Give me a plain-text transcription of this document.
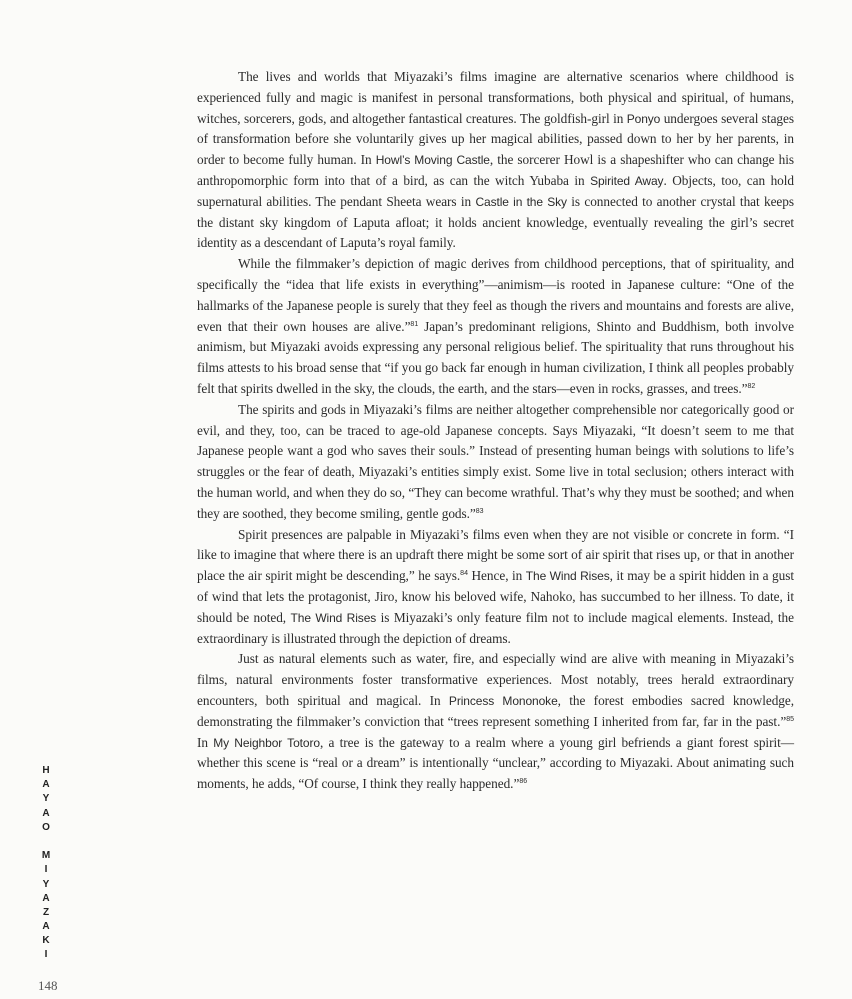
The lives and worlds that Miyazaki’s films imagine are alternative scenarios where childhood is experienced fully and magic is manifest in personal transformations, both physical and spiritual, of humans, witches, sorcerers, gods, and altogether fantastical creatures. The goldfish-girl in Ponyo undergoes several stages of transformation before she voluntarily gives up her magical abilities, passed down to her by her parents, in order to become fully human. In Howl’s Moving Castle, the sorcerer Howl is a shapeshifter who can change his anthropomorphic form into that of a bird, as can the witch Yubaba in Spirited Away. Objects, too, can hold supernatural abilities. The pendant Sheeta wears in Castle in the Sky is connected to another crystal that keeps the distant sky kingdom of Laputa afloat; it holds ancient knowledge, eventually revealing the girl’s secret identity as a descendant of Laputa’s royal family.

While the filmmaker’s depiction of magic derives from childhood perceptions, that of spirituality, and specifically the “idea that life exists in everything”—animism—is rooted in Japanese culture: “One of the hallmarks of the Japanese people is surely that they feel as though the rivers and mountains and forests are alive, even that their own houses are alive.”$^{81}$ Japan’s predominant religions, Shinto and Buddhism, both involve animism, but Miyazaki avoids expressing any personal religious belief. The spirituality that runs throughout his films attests to his broad sense that “if you go back far enough in human civilization, I think all peoples probably felt that spirits dwelled in the sky, the clouds, the earth, and the stars—even in rocks, grasses, and trees.”$^{82}$

The spirits and gods in Miyazaki’s films are neither altogether comprehensible nor categorically good or evil, and they, too, can be traced to age-old Japanese concepts. Says Miyazaki, “It doesn’t seem to me that Japanese people want a god who saves their souls.” Instead of presenting human beings with solutions to life’s struggles or the fear of death, Miyazaki’s entities simply exist. Some live in total seclusion; others interact with the human world, and when they do so, “They can become wrathful. That’s why they must be soothed; and when they are soothed, they become smiling, gentle gods.”$^{83}$

Spirit presences are palpable in Miyazaki’s films even when they are not visible or concrete in form. “I like to imagine that where there is an updraft there might be some sort of air spirit that rises up, or that in another place the air spirit might be descending,” he says.$^{84}$ Hence, in The Wind Rises, it may be a spirit hidden in a gust of wind that lets the protagonist, Jiro, know his beloved wife, Nahoko, has succumbed to her illness. To date, it should be noted, The Wind Rises is Miyazaki’s only feature film not to include magical elements. Instead, the extraordinary is illustrated through the depiction of dreams.

Just as natural elements such as water, fire, and especially wind are alive with meaning in Miyazaki’s films, natural environments foster transformative experiences. Most notably, trees herald extraordinary encounters, both spiritual and magical. In Princess Mononoke, the forest embodies sacred knowledge, demonstrating the filmmaker’s conviction that “trees represent something I inherited from far, far in the past.”$^{85}$ In My Neighbor Totoro, a tree is the gateway to a realm where a young girl befriends a giant forest spirit—whether this scene is “real or a dream” is intentionally “unclear,” according to Miyazaki. About animating such moments, he adds, “Of course, I think they really happened.”$^{86}$

H
A
Y
A
O

M
I
Y
A
Z
A
K
I
148
